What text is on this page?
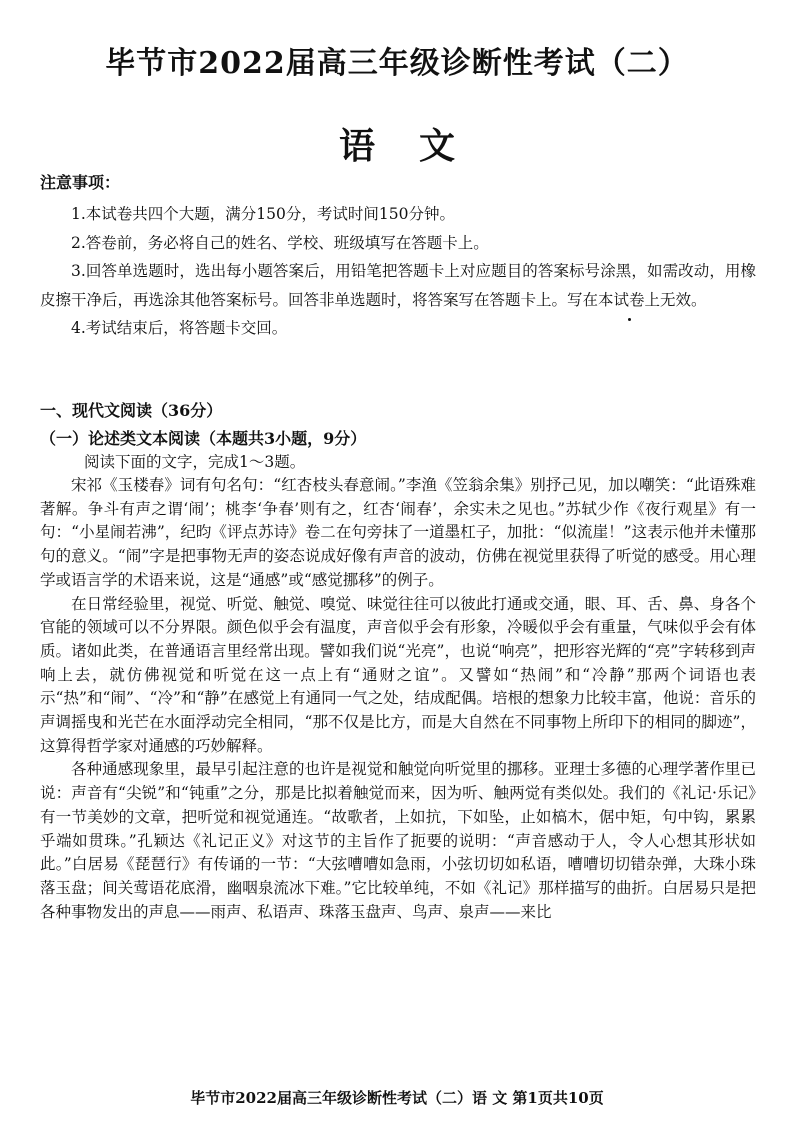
毕节市2022届高三年级诊断性考试（二）
语文
注意事项：

1.本试卷共四个大题，满分150分，考试时间150分钟。

2.答卷前，务必将自己的姓名、学校、班级填写在答题卡上。

3.回答单选题时，选出每小题答案后，用铅笔把答题卡上对应题目的答案标号涂黑，如需改动，用橡皮擦干净后，再选涂其他答案标号。回答非单选题时，将答案写在答题卡上。写在本试卷上无效。

4.考试结束后，将答题卡交回。

一、现代文阅读（36分）
（一）论述类文本阅读（本题共3小题，9分）
阅读下面的文字，完成1～3题。

宋祁《玉楼春》词有句名句：“红杏枝头春意闹。”李渔《笠翁余集》别抒己见，加以嘲笑：“此语殊难著解。争斗有声之谓‘闹’；桃李‘争春’则有之，红杏‘闹春’，余实未之见也。”苏轼少作《夜行观星》有一句：“小星闹若沸”，纪昀《评点苏诗》卷二在句旁抹了一道墨杠子，加批：“似流崖！”这表示他并未懂那句的意义。“闹”字是把事物无声的姿态说成好像有声音的波动，仿佛在视觉里获得了听觉的感受。用心理学或语言学的术语来说，这是“通感”或“感觉挪移”的例子。

在日常经验里，视觉、听觉、触觉、嗅觉、味觉往往可以彼此打通或交通，眼、耳、舌、鼻、身各个官能的领域可以不分界限。颜色似乎会有温度，声音似乎会有形象，冷暖似乎会有重量，气味似乎会有体质。诸如此类，在普通语言里经常出现。譬如我们说“光亮”，也说“响亮”，把形容光辉的“亮”字转移到声响上去，就仿佛视觉和听觉在这一点上有“通财之谊”。又譬如“热闹”和“冷静”那两个词语也表示“热”和“闹”、“冷”和“静”在感觉上有通同一气之处，结成配偶。培根的想象力比较丰富，他说：音乐的声调摇曳和光芒在水面浮动完全相同，“那不仅是比方，而是大自然在不同事物上所印下的相同的脚迹”，这算得哲学家对通感的巧妙解释。

各种通感现象里，最早引起注意的也许是视觉和触觉向听觉里的挪移。亚理士多德的心理学著作里已说：声音有“尖锐”和“钝重”之分，那是比拟着触觉而来，因为听、触两觉有类似处。我们的《礼记·乐记》有一节美妙的文章，把听觉和视觉通连。“故歌者，上如抗，下如坠，止如槁木，倨中矩，句中钩，累累乎端如贯珠。”孔颖达《礼记正义》对这节的主旨作了扼要的说明：“声音感动于人，令人心想其形状如此。”白居易《琵琶行》有传诵的一节：“大弦嘈嘈如急雨，小弦切切如私语，嘈嘈切切错杂弹，大珠小珠落玉盘；间关莺语花底滑，幽咽泉流冰下难。”它比较单纯，不如《礼记》那样描写的曲折。白居易只是把各种事物发出的声息——雨声、私语声、珠落玉盘声、鸟声、泉声——来比

毕节市2022届高三年级诊断性考试（二）语 文 第1页共10页
